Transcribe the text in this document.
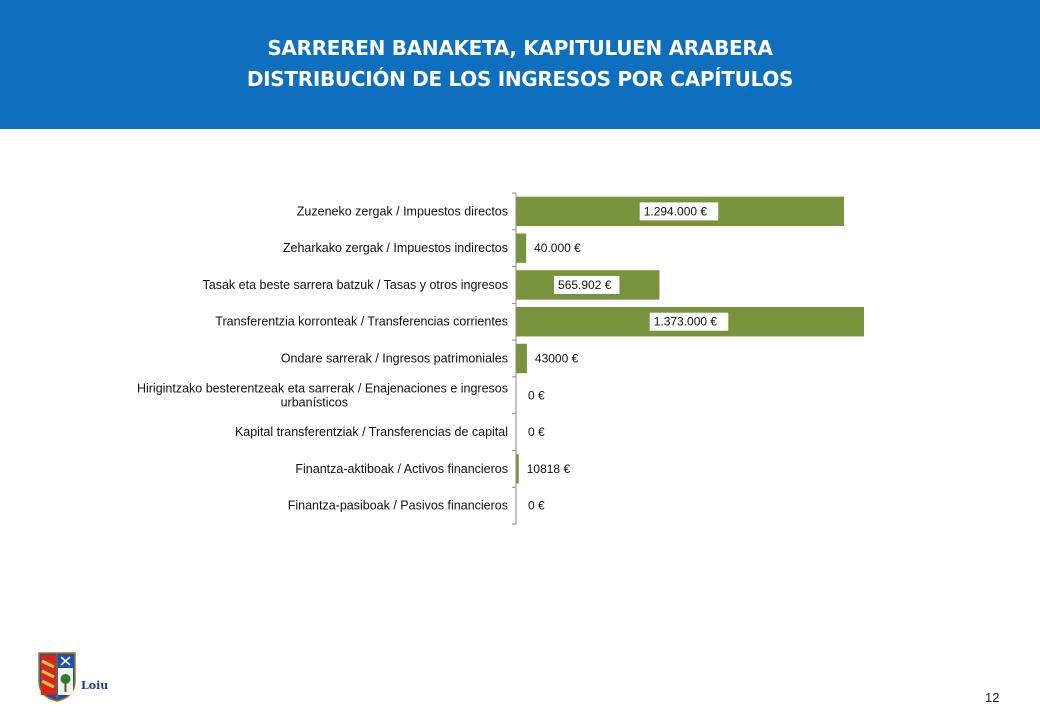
SARREREN BANAKETA, KAPITULUEN ARABERA
DISTRIBUCIÓN DE LOS INGRESOS POR CAPÍTULOS
1.294.000 €
Zuzeneko zergak / Impuestos directos
40.000 €
Zeharkako zergak / Impuestos indirectos
565.902 €
Tasak eta beste sarrera batzuk / Tasas y otros ingresos
1.373.000 €
Transferentzia korronteak / Transferencias corrientes
43000 €
Ondare sarrerak / Ingresos patrimoniales
0 €
Hirigintzako besterentzeak eta sarrerak / Enajenaciones e ingresos urbanísticos
0 €
Kapital transferentziak / Transferencias de capital
10818 €
Finantza-aktiboak / Activos financieros
0 €
Finantza-pasiboak / Pasivos financieros
Loiu
12
